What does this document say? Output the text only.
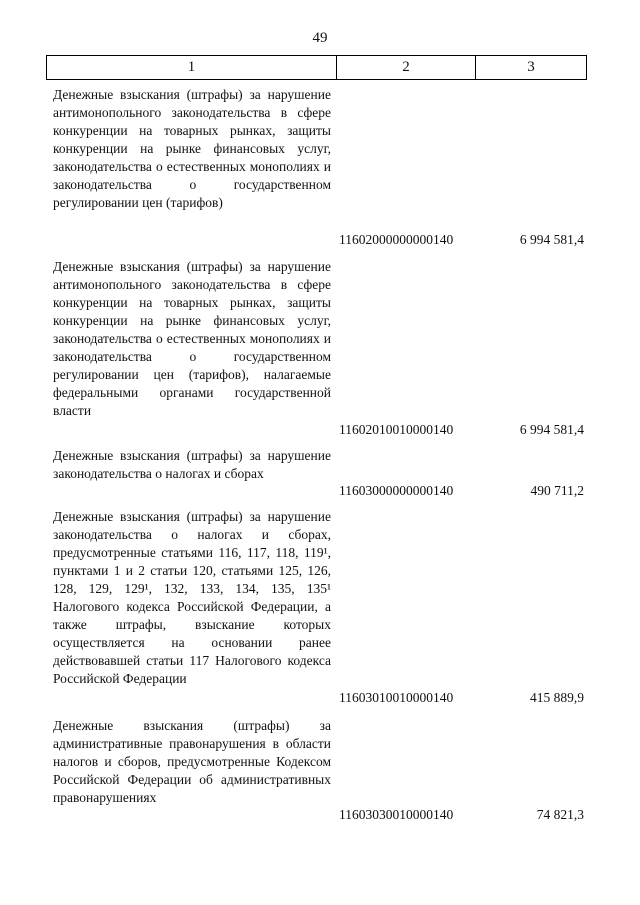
49
1	2	3
Денежные взыскания (штрафы) за нарушение антимонопольного законодательства в сфере конкуренции на товарных рынках, защиты конкуренции на рынке финансовых услуг, законодательства о естественных монополиях и законодательства о государственном регулировании цен (тарифов)
11602000000000140	6 994 581,4
Денежные взыскания (штрафы) за нарушение антимонопольного законодательства в сфере конкуренции на товарных рынках, защиты конкуренции на рынке финансовых услуг, законодательства о естественных монополиях и законодательства о государственном регулировании цен (тарифов), налагаемые федеральными органами государственной власти
11602010010000140	6 994 581,4
Денежные взыскания (штрафы) за нарушение законодательства о налогах и сборах
11603000000000140	490 711,2
Денежные взыскания (штрафы) за нарушение законодательства о налогах и сборах, предусмотренные статьями 116, 117, 118, 119¹, пунктами 1 и 2 статьи 120, статьями 125, 126, 128, 129, 129¹, 132, 133, 134, 135, 135¹ Налогового кодекса Российской Федерации, а также штрафы, взыскание которых осуществляется на основании ранее действовавшей статьи 117 Налогового кодекса Российской Федерации
11603010010000140	415 889,9
Денежные взыскания (штрафы) за административные правонарушения в области налогов и сборов, предусмотренные Кодексом Российской Федерации об административных правонарушениях
11603030010000140	74 821,3
